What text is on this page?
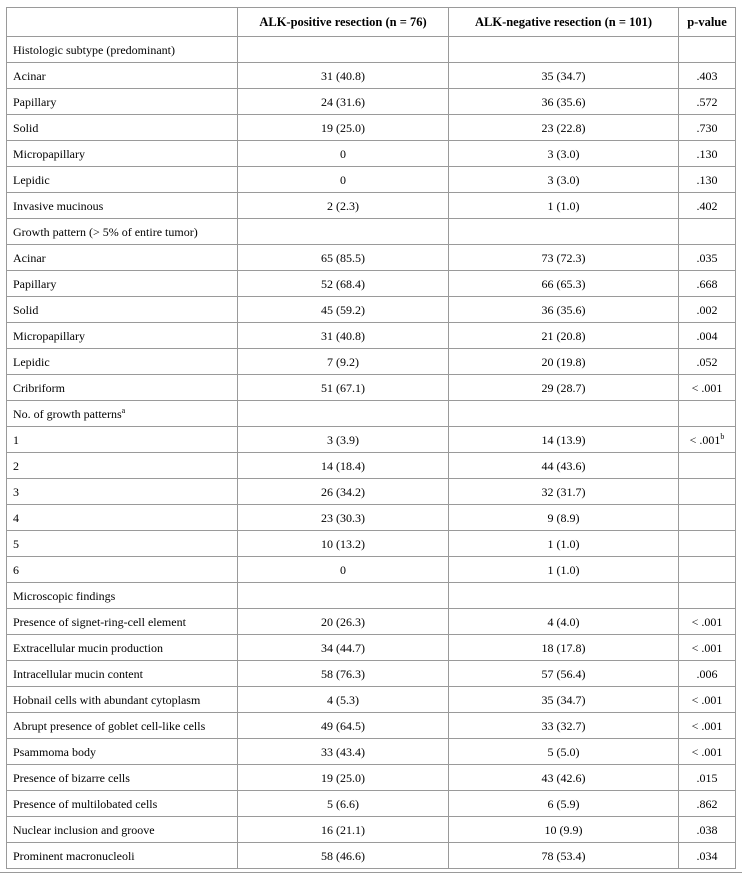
	ALK-positive resection (n = 76)	ALK-negative resection (n = 101)	p-value
Histologic subtype (predominant)			
Acinar	31 (40.8)	35 (34.7)	.403
Papillary	24 (31.6)	36 (35.6)	.572
Solid	19 (25.0)	23 (22.8)	.730
Micropapillary	0	3 (3.0)	.130
Lepidic	0	3 (3.0)	.130
Invasive mucinous	2 (2.3)	1 (1.0)	.402
Growth pattern (> 5% of entire tumor)			
Acinar	65 (85.5)	73 (72.3)	.035
Papillary	52 (68.4)	66 (65.3)	.668
Solid	45 (59.2)	36 (35.6)	.002
Micropapillary	31 (40.8)	21 (20.8)	.004
Lepidic	7 (9.2)	20 (19.8)	.052
Cribriform	51 (67.1)	29 (28.7)	< .001
No. of growth patterns$^a$			
1	3 (3.9)	14 (13.9)	< .001$^b$
2	14 (18.4)	44 (43.6)	
3	26 (34.2)	32 (31.7)	
4	23 (30.3)	9 (8.9)	
5	10 (13.2)	1 (1.0)	
6	0	1 (1.0)	
Microscopic findings			
Presence of signet-ring-cell element	20 (26.3)	4 (4.0)	< .001
Extracellular mucin production	34 (44.7)	18 (17.8)	< .001
Intracellular mucin content	58 (76.3)	57 (56.4)	.006
Hobnail cells with abundant cytoplasm	4 (5.3)	35 (34.7)	< .001
Abrupt presence of goblet cell-like cells	49 (64.5)	33 (32.7)	< .001
Psammoma body	33 (43.4)	5 (5.0)	< .001
Presence of bizarre cells	19 (25.0)	43 (42.6)	.015
Presence of multilobated cells	5 (6.6)	6 (5.9)	.862
Nuclear inclusion and groove	16 (21.1)	10 (9.9)	.038
Prominent macronucleoli	58 (46.6)	78 (53.4)	.034
